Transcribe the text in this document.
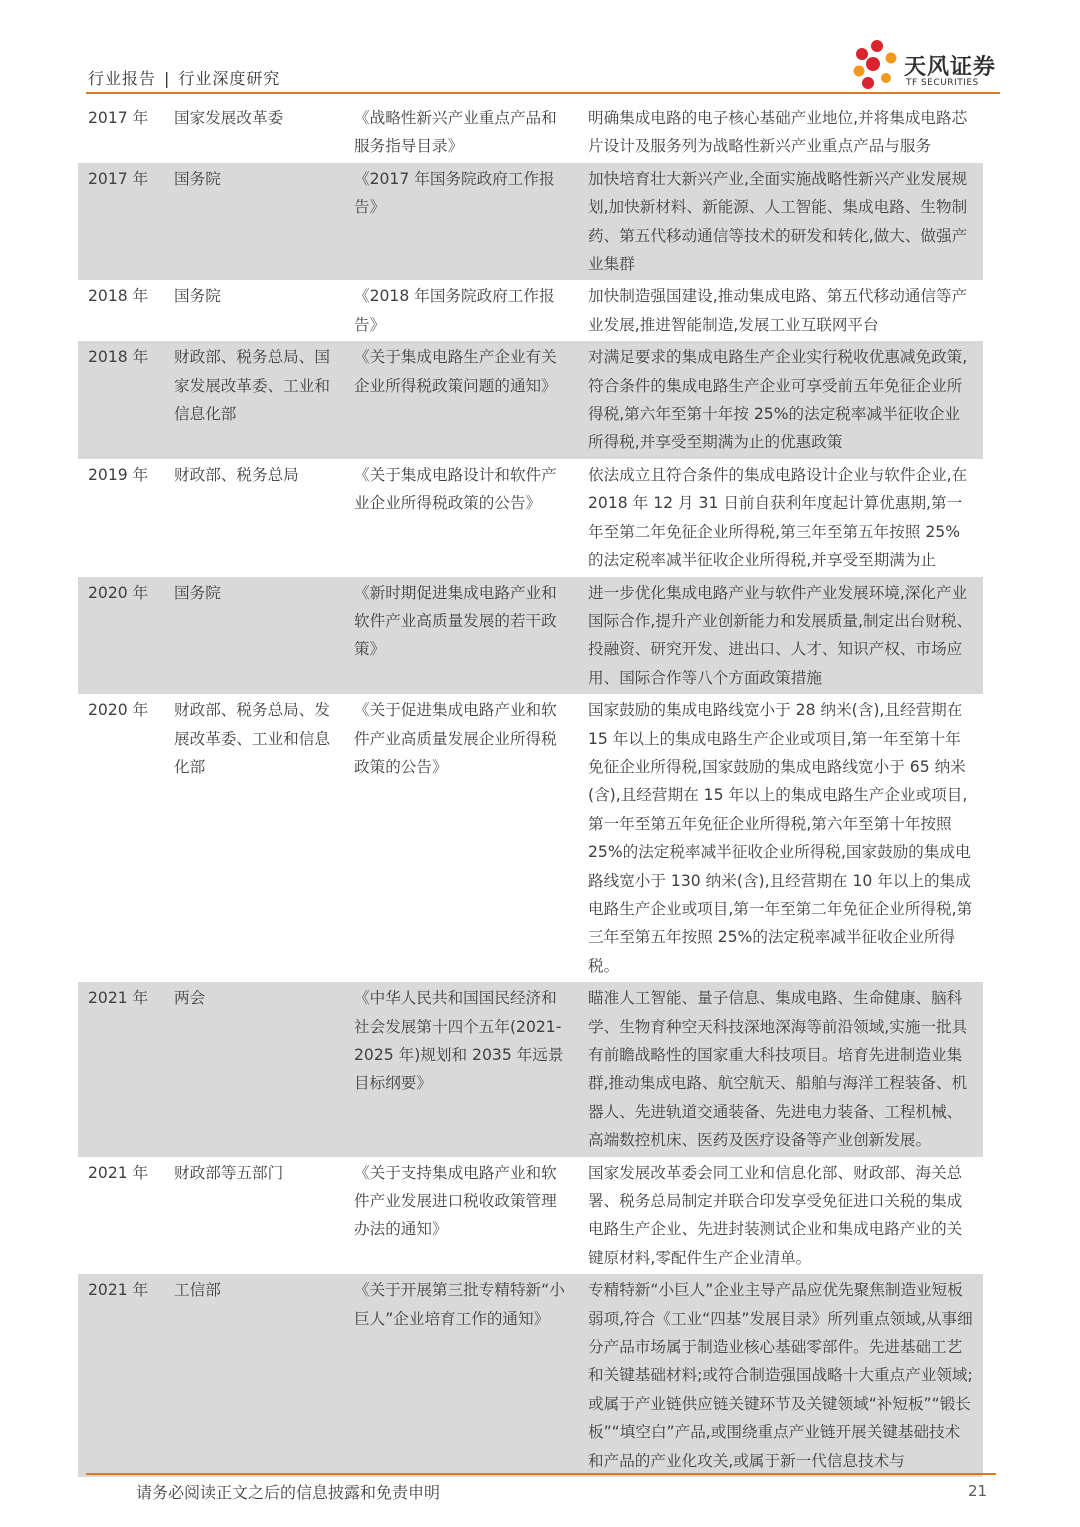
行业报告 | 行业深度研究	天风证券
TF SECURITIES
2017 年	国家发展改革委	《战略性新兴产业重点产品和服务指导目录》	明确集成电路的电子核心基础产业地位,并将集成电路芯片设计及服务列为战略性新兴产业重点产品与服务
2017 年	国务院	《2017 年国务院政府工作报告》	加快培育壮大新兴产业,全面实施战略性新兴产业发展规划,加快新材料、新能源、人工智能、集成电路、生物制药、第五代移动通信等技术的研发和转化,做大、做强产业集群
2018 年	国务院	《2018 年国务院政府工作报告》	加快制造强国建设,推动集成电路、第五代移动通信等产业发展,推进智能制造,发展工业互联网平台
2018 年	财政部、税务总局、国家发展改革委、工业和信息化部	《关于集成电路生产企业有关企业所得税政策问题的通知》	对满足要求的集成电路生产企业实行税收优惠减免政策,符合条件的集成电路生产企业可享受前五年免征企业所得税,第六年至第十年按 25%的法定税率减半征收企业所得税,并享受至期满为止的优惠政策
2019 年	财政部、税务总局	《关于集成电路设计和软件产业企业所得税政策的公告》	依法成立且符合条件的集成电路设计企业与软件企业,在 2018 年 12 月 31 日前自获利年度起计算优惠期,第一年至第二年免征企业所得税,第三年至第五年按照 25%的法定税率减半征收企业所得税,并享受至期满为止
2020 年	国务院	《新时期促进集成电路产业和软件产业高质量发展的若干政策》	进一步优化集成电路产业与软件产业发展环境,深化产业国际合作,提升产业创新能力和发展质量,制定出台财税、投融资、研究开发、进出口、人才、知识产权、市场应用、国际合作等八个方面政策措施
2020 年	财政部、税务总局、发展改革委、工业和信息化部	《关于促进集成电路产业和软件产业高质量发展企业所得税政策的公告》	国家鼓励的集成电路线宽小于 28 纳米(含),且经营期在 15 年以上的集成电路生产企业或项目,第一年至第十年免征企业所得税,国家鼓励的集成电路线宽小于 65 纳米(含),且经营期在 15 年以上的集成电路生产企业或项目,第一年至第五年免征企业所得税,第六年至第十年按照 25%的法定税率减半征收企业所得税,国家鼓励的集成电路线宽小于 130 纳米(含),且经营期在 10 年以上的集成电路生产企业或项目,第一年至第二年免征企业所得税,第三年至第五年按照 25%的法定税率减半征收企业所得税。
2021 年	两会	《中华人民共和国国民经济和社会发展第十四个五年(2021-2025 年)规划和 2035 年远景目标纲要》	瞄准人工智能、量子信息、集成电路、生命健康、脑科学、生物育种空天科技深地深海等前沿领域,实施一批具有前瞻战略性的国家重大科技项目。培育先进制造业集群,推动集成电路、航空航天、船舶与海洋工程装备、机器人、先进轨道交通装备、先进电力装备、工程机械、高端数控机床、医药及医疗设备等产业创新发展。
2021 年	财政部等五部门	《关于支持集成电路产业和软件产业发展进口税收政策管理办法的通知》	国家发展改革委会同工业和信息化部、财政部、海关总署、税务总局制定并联合印发享受免征进口关税的集成电路生产企业、先进封装测试企业和集成电路产业的关键原材料,零配件生产企业清单。
2021 年	工信部	《关于开展第三批专精特新“小巨人”企业培育工作的通知》	专精特新“小巨人”企业主导产品应优先聚焦制造业短板弱项,符合《工业“四基”发展目录》所列重点领域,从事细分产品市场属于制造业核心基础零部件。先进基础工艺和关键基础材料;或符合制造强国战略十大重点产业领域;或属于产业链供应链关键环节及关键领域“补短板”“锻长板”“填空白”产品,或围绕重点产业链开展关键基础技术和产品的产业化攻关,或属于新一代信息技术与
请务必阅读正文之后的信息披露和免责申明	21
